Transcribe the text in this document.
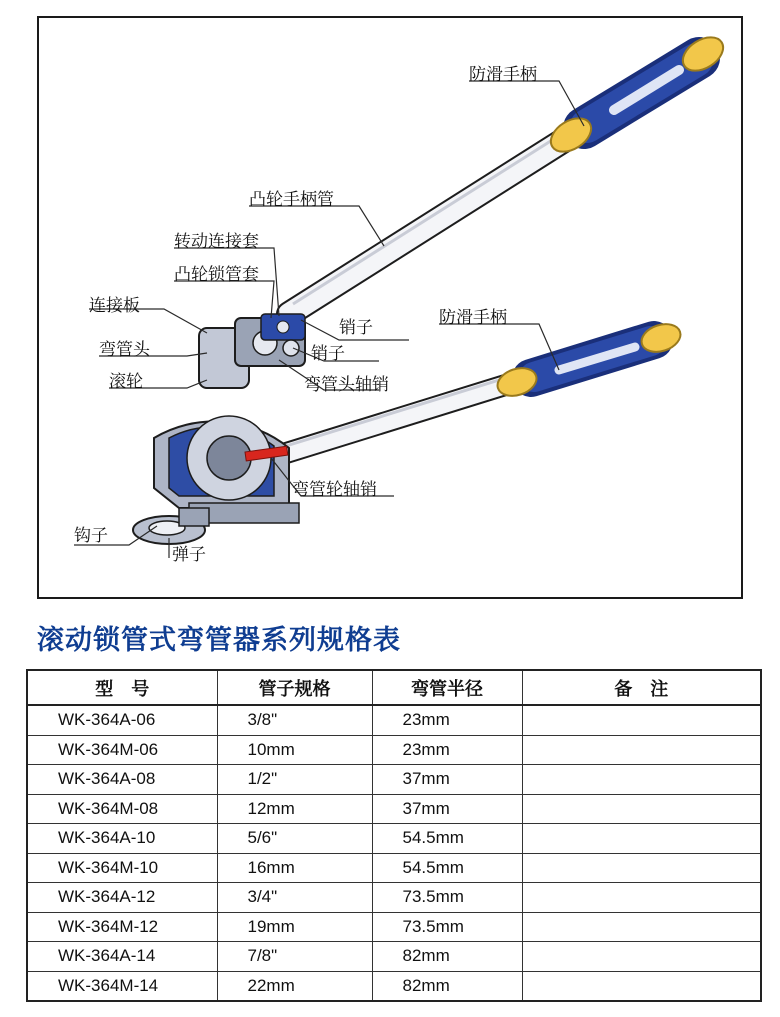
防滑手柄
凸轮手柄管
转动连接套
凸轮锁管套
连接板
销子
弯管头	销子
滚轮	弯管头轴销
防滑手柄
弯管轮轴销
钩子
弹子
滚动锁管式弯管器系列规格表
型　号	管子规格	弯管半径	备　注
WK-364A-06	3/8"	23mm	
WK-364M-06	10mm	23mm	
WK-364A-08	1/2"	37mm	
WK-364M-08	12mm	37mm	
WK-364A-10	5/6"	54.5mm	
WK-364M-10	16mm	54.5mm	
WK-364A-12	3/4"	73.5mm	
WK-364M-12	19mm	73.5mm	
WK-364A-14	7/8"	82mm	
WK-364M-14	22mm	82mm	
